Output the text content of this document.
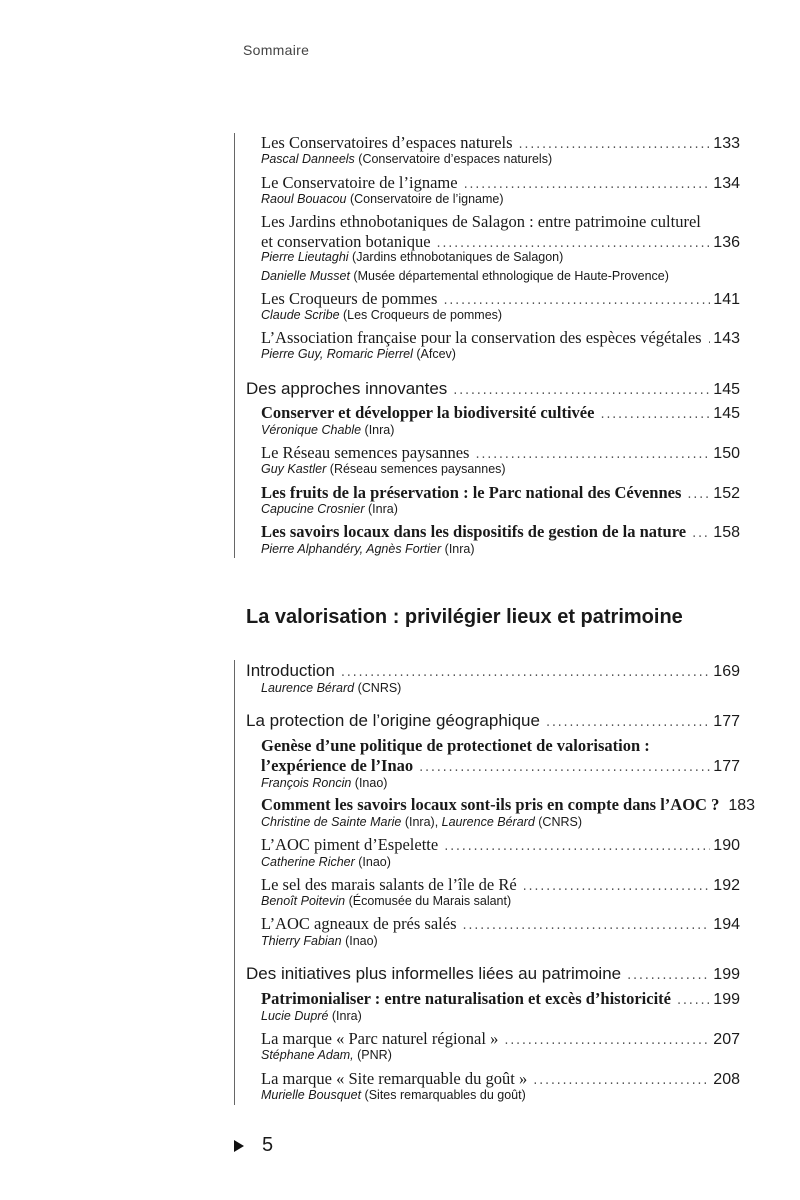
Sommaire
Les Conservatoires d’espaces naturels . . .	133
Pascal Danneels (Conservatoire d’espaces naturels)
Le Conservatoire de l’igname . . .	134
Raoul Bouacou (Conservatoire de l’igname)
Les Jardins ethnobotaniques de Salagon : entre patrimoine culturel
et conservation botanique . . .	136
Pierre Lieutaghi (Jardins ethnobotaniques de Salagon)
Danielle Musset (Musée départemental ethnologique de Haute-Provence)
Les Croqueurs de pommes . . .	141
Claude Scribe (Les Croqueurs de pommes)
L’Association française pour la conservation des espèces végétales . . . 143
Pierre Guy, Romaric Pierrel (Afcev)
Des approches innovantes . . .	145
Conserver et développer la biodiversité cultivée . . .	145
Véronique Chable (Inra)
Le Réseau semences paysannes . . .	150
Guy Kastler (Réseau semences paysannes)
Les fruits de la préservation : le Parc national des Cévennes . . . 152
Capucine Crosnier (Inra)
Les savoirs locaux dans les dispositifs de gestion de la nature . . . 158
Pierre Alphandéry, Agnès Fortier (Inra)
La valorisation : privilégier lieux et patrimoine
Introduction . . .	169
Laurence Bérard (CNRS)
La protection de l’origine géographique . . .	177
Genèse d’une politique de protectionet de valorisation :
l’expérience de l’Inao . . .	177
François Roncin (Inao)
Comment les savoirs locaux sont-ils pris en compte dans l’AOC ? 183
Christine de Sainte Marie (Inra), Laurence Bérard (CNRS)
L’AOC piment d’Espelette . . .	190
Catherine Richer (Inao)
Le sel des marais salants de l’île de Ré . . .	192
Benoît Poitevin (Écomusée du Marais salant)
L’AOC agneaux de prés salés . . .	194
Thierry Fabian (Inao)
Des initiatives plus informelles liées au patrimoine . . .	199
Patrimonialiser : entre naturalisation et excès d’historicité . . .	199
Lucie Dupré (Inra)
La marque « Parc naturel régional » . . .	207
Stéphane Adam, (PNR)
La marque « Site remarquable du goût » . . .	208
Murielle Bousquet (Sites remarquables du goût)
5
